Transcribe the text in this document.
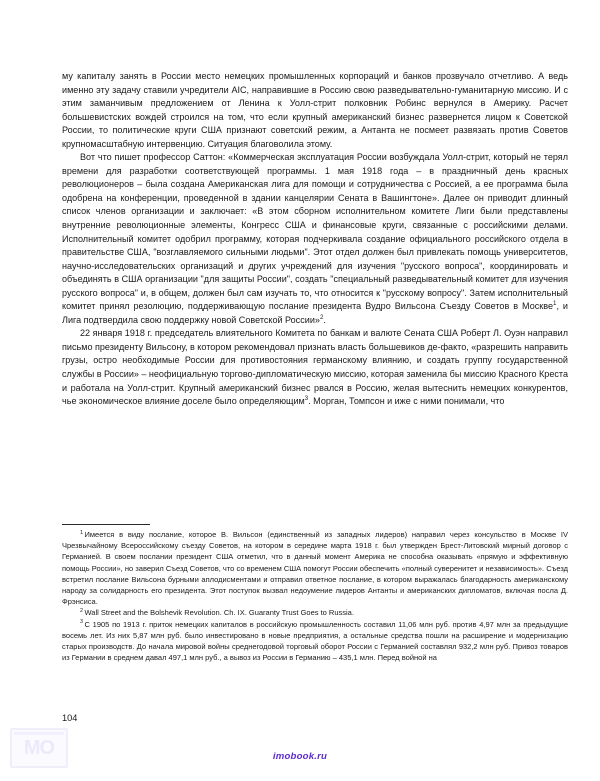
му капиталу занять в России место немецких промышленных корпораций и банков прозвучало отчетливо. А ведь именно эту задачу ставили учредители AIC, направившие в Россию свою разведывательно-гуманитарную миссию. И с этим заманчивым предложением от Ленина к Уолл-стрит полковник Робинс вернулся в Америку. Расчет большевистских вождей строился на том, что если крупный американский бизнес развернется лицом к Советской России, то политические круги США признают советский режим, а Антанта не посмеет развязать против Советов крупномасштабную интервенцию. Ситуация благоволила этому.

Вот что пишет профессор Саттон: «Коммерческая эксплуатация России возбуждала Уолл-стрит, который не терял времени для разработки соответствующей программы. 1 мая 1918 года – в праздничный день красных революционеров – была создана Американская лига для помощи и сотрудничества с Россией, а ее программа была одобрена на конференции, проведенной в здании канцелярии Сената в Вашингтоне». Далее он приводит длинный список членов организации и заключает: «В этом сборном исполнительном комитете Лиги были представлены внутренние революционные элементы, Конгресс США и финансовые круги, связанные с российскими делами. Исполнительный комитет одобрил программу, которая подчеркивала создание официального российского отдела в правительстве США, "возглавляемого сильными людьми". Этот отдел должен был привлекать помощь университетов, научно-исследовательских организаций и других учреждений для изучения "русского вопроса", координировать и объединять в США организации "для защиты России", создать "специальный разведывательный комитет для изучения русского вопроса" и, в общем, должен был сам изучать то, что относится к "русскому вопросу". Затем исполнительный комитет принял резолюцию, поддерживающую послание президента Вудро Вильсона Съезду Советов в Москве$^1$, и Лига подтвердила свою поддержку новой Советской России»$^2$.

22 января 1918 г. председатель влиятельного Комитета по банкам и валюте Сената США Роберт Л. Оуэн направил письмо президенту Вильсону, в котором рекомендовал признать власть большевиков де-факто, «разрешить направить грузы, остро необходимые России для противостояния германскому влиянию, и создать группу государственной службы в России» – неофициальную торгово-дипломатическую миссию, которая заменила бы миссию Красного Креста и работала на Уолл-стрит. Крупный американский бизнес рвался в Россию, желая вытеснить немецких конкурентов, чье экономическое влияние доселе было определяющим$^3$. Морган, Томпсон и иже с ними понимали, что

$^1$ Имеется в виду послание, которое В. Вильсон (единственный из западных лидеров) направил через консульство в Москве IV Чрезвычайному Всероссийскому съезду Советов, на котором в середине марта 1918 г. был утвержден Брест-Литовский мирный договор с Германией. В своем послании президент США отметил, что в данный момент Америка не способна оказывать «прямую и эффективную помощь России», но заверил Съезд Советов, что со временем США помогут России обеспечить «полный суверенитет и независимость». Съезд встретил послание Вильсона бурными аплодисментами и отправил ответное послание, в котором выражалась благодарность американскому народу за солидарность его президента. Этот поступок вызвал недоумение лидеров Антанты и американских дипломатов, включая посла Д. Фрэнсиса.

$^2$ Wall Street and the Bolshevik Revolution. Ch. IX. Guaranty Trust Goes to Russia.

$^3$ С 1905 по 1913 г. приток немецких капиталов в российскую промышленность составил 11,06 млн руб. против 4,97 млн за предыдущие восемь лет. Из них 5,87 млн руб. было инвестировано в новые предприятия, а остальные средства пошли на расширение и модернизацию старых производств. До начала мировой войны среднегодовой торговый оборот России с Германией составлял 932,2 млн руб. Привоз товаров из Германии в среднем давал 497,1 млн руб., а вывоз из России в Германию – 435,1 млн. Перед войной на

104
MO	imobook.ru
